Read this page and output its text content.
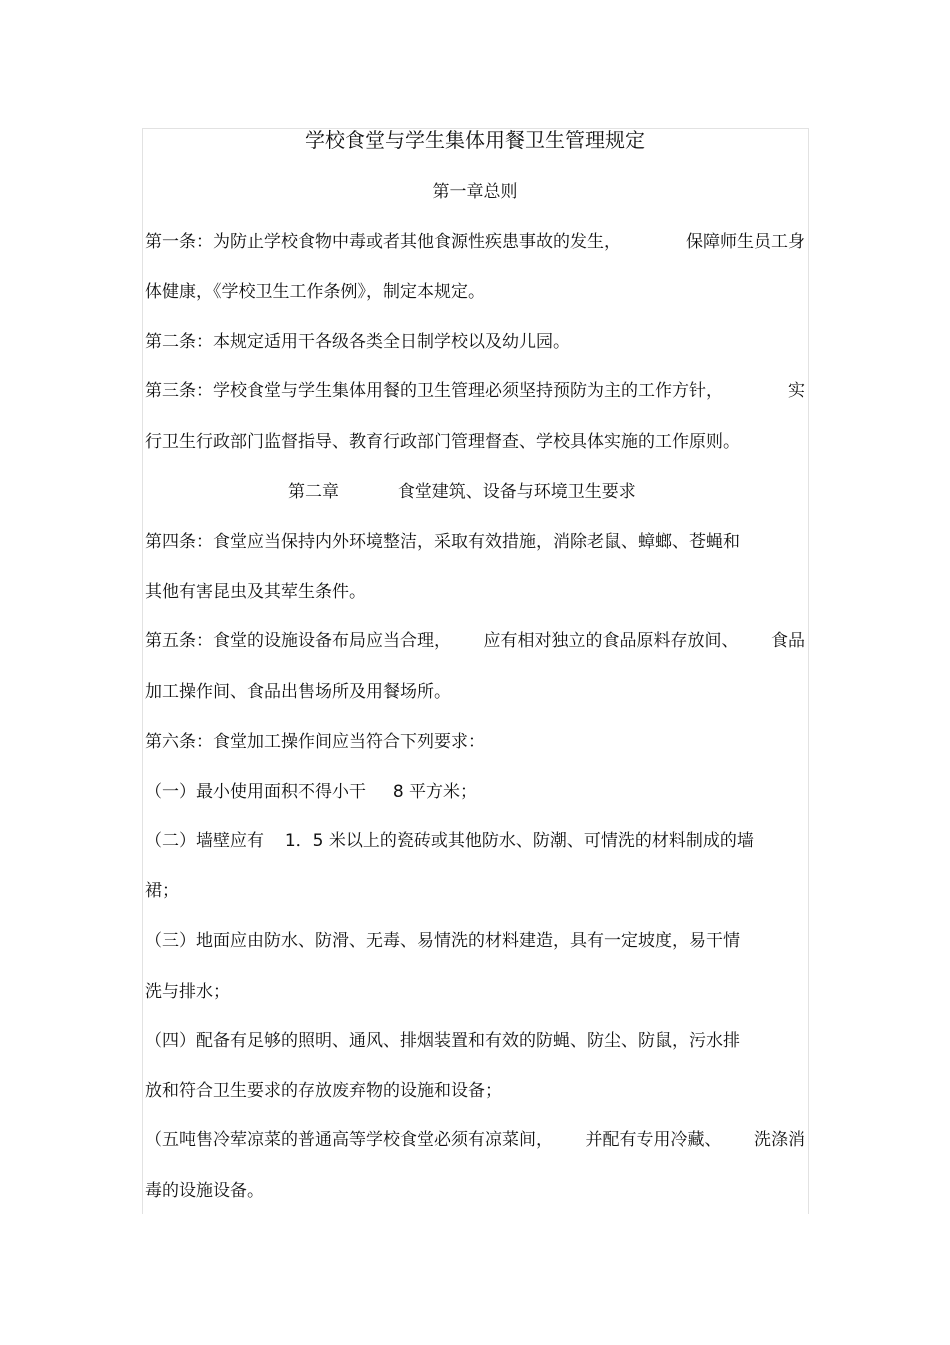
学校食堂与学生集体用餐卫生管理规定
第一章总则
第一条：为防止学校食物中毒或者其他食源性疾患事故的发生，	保障师生员工身
体健康，《学校卫生工作条例》，制定本规定。
第二条：本规定适用干各级各类全日制学校以及幼儿园。
第三条：学校食堂与学生集体用餐的卫生管理必须坚持预防为主的工作方针，	实
行卫生行政部门监督指导、教育行政部门管理督查、学校具体实施的工作原则。
第二章	食堂建筑、设备与环境卫生要求
第四条：食堂应当保持内外环境整洁，采取有效措施，消除老鼠、蟑螂、苍蝇和
其他有害昆虫及其荤生条件。
第五条：食堂的设施设备布局应当合理， 应有相对独立的食品原料存放间、 食品
加工操作间、食品出售场所及用餐场所。
第六条：食堂加工操作间应当符合下列要求：
（一）最小使用面积不得小干 8 平方米；
（二）墙壁应有 1．5 米以上的瓷砖或其他防水、防潮、可情洗的材料制成的墙
裙；
（三）地面应由防水、防滑、无毒、易情洗的材料建造，具有一定坡度，易干情
洗与排水；
（四）配备有足够的照明、通风、排烟装置和有效的防蝇、防尘、防鼠，污水排
放和符合卫生要求的存放废弃物的设施和设备；
（五吨售冷荤凉菜的普通高等学校食堂必须有凉菜间， 并配有专用冷藏、 洗涤消
毒的设施设备。
